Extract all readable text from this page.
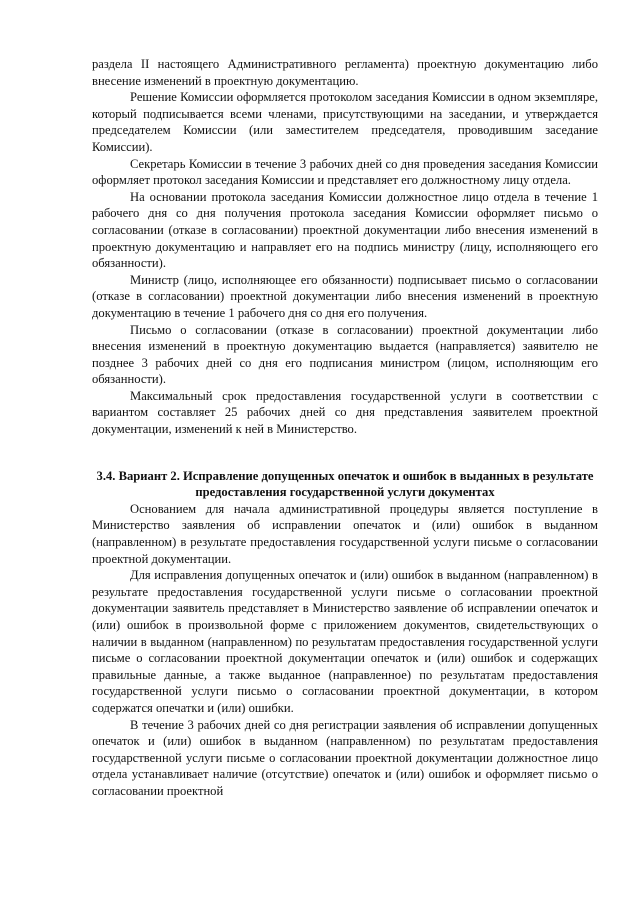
раздела II настоящего Административного регламента) проектную документацию либо внесение изменений в проектную документацию.

Решение Комиссии оформляется протоколом заседания Комиссии в одном экземпляре, который подписывается всеми членами, присутствующими на заседании, и утверждается председателем Комиссии (или заместителем председателя, проводившим заседание Комиссии).

Секретарь Комиссии в течение 3 рабочих дней со дня проведения заседания Комиссии оформляет протокол заседания Комиссии и представляет его должностному лицу отдела.

На основании протокола заседания Комиссии должностное лицо отдела в течение 1 рабочего дня со дня получения протокола заседания Комиссии оформляет письмо о согласовании (отказе в согласовании) проектной документации либо внесения изменений в проектную документацию и направляет его на подпись министру (лицу, исполняющего его обязанности).

Министр (лицо, исполняющее его обязанности) подписывает письмо о согласовании (отказе в согласовании) проектной документации либо внесения изменений в проектную документацию в течение 1 рабочего дня со дня его получения.

Письмо о согласовании (отказе в согласовании) проектной документации либо внесения изменений в проектную документацию выдается (направляется) заявителю не позднее 3 рабочих дней со дня его подписания министром (лицом, исполняющим его обязанности).

Максимальный срок предоставления государственной услуги в соответствии с вариантом составляет 25 рабочих дней со дня представления заявителем проектной документации, изменений к ней в Министерство.

3.4. Вариант 2. Исправление допущенных опечаток и ошибок в выданных в результате предоставления государственной услуги документах

Основанием для начала административной процедуры является поступление в Министерство заявления об исправлении опечаток и (или) ошибок в выданном (направленном) в результате предоставления государственной услуги письме о согласовании проектной документации.

Для исправления допущенных опечаток и (или) ошибок в выданном (направленном) в результате предоставления государственной услуги письме о согласовании проектной документации заявитель представляет в Министерство заявление об исправлении опечаток и (или) ошибок в произвольной форме с приложением документов, свидетельствующих о наличии в выданном (направленном) по результатам предоставления государственной услуги письме о согласовании проектной документации опечаток и (или) ошибок и содержащих правильные данные, а также выданное (направленное) по результатам предоставления государственной услуги письмо о согласовании проектной документации, в котором содержатся опечатки и (или) ошибки.

В течение 3 рабочих дней со дня регистрации заявления об исправлении допущенных опечаток и (или) ошибок в выданном (направленном) по результатам предоставления государственной услуги письме о согласовании проектной документации должностное лицо отдела устанавливает наличие (отсутствие) опечаток и (или) ошибок и оформляет письмо о согласовании проектной
